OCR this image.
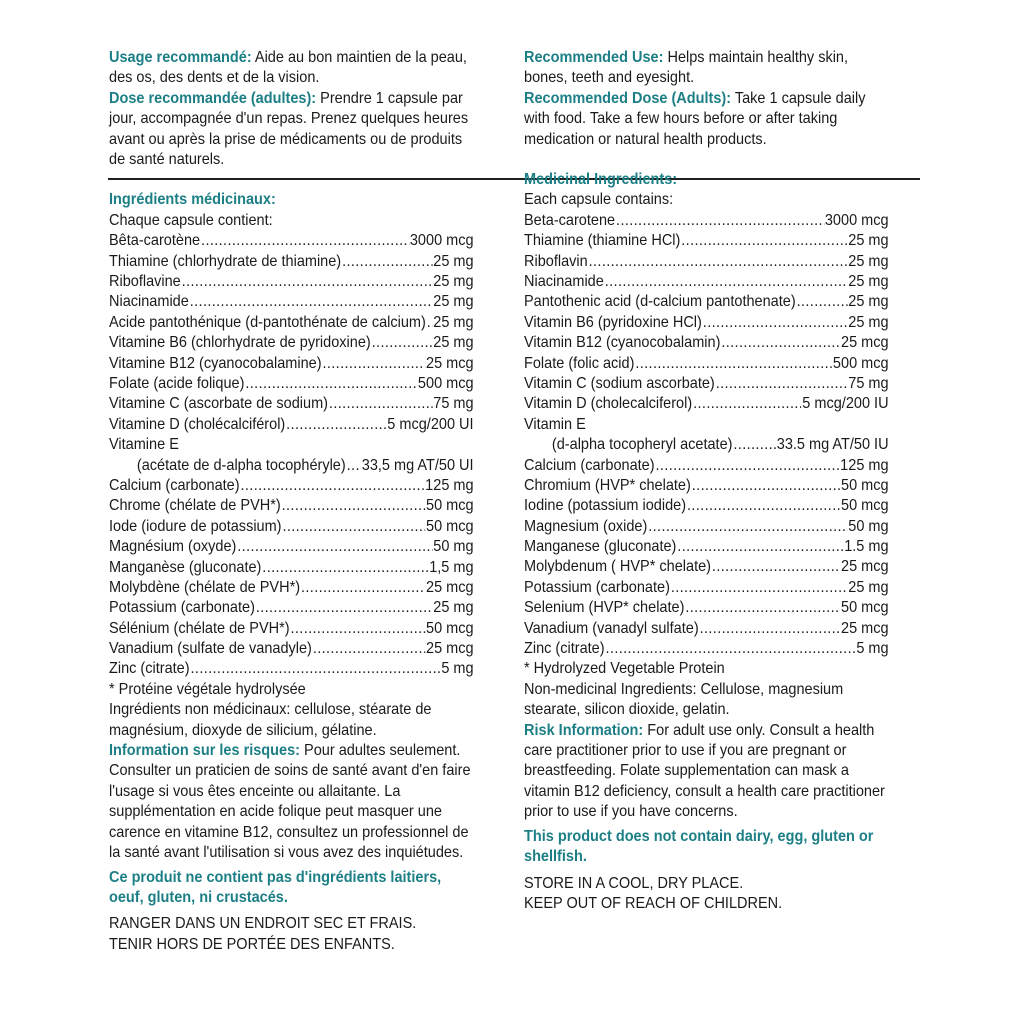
Usage recommandé: Aide au bon maintien de la peau, des os, des dents et de la vision.

Dose recommandée (adultes): Prendre 1 capsule par jour, accompagnée d'un repas. Prenez quelques heures avant ou après la prise de médicaments ou de produits de santé naturels.

Ingrédients médicinaux:
Chaque capsule contient:
Bêta-carotène .....	3000 mcg
Thiamine (chlorhydrate de thiamine) .....	25 mg
Riboflavine .....	25 mg
Niacinamide .....	25 mg
Acide pantothénique (d-pantothénate de calcium) ..... 25 mg
Vitamine B6 (chlorhydrate de pyridoxine) .....	25 mg
Vitamine B12 (cyanocobalamine) .....	25 mcg
Folate (acide folique) .....	500 mcg
Vitamine C (ascorbate de sodium) .....	75 mg
Vitamine D (cholécalciférol) .....	5 mcg/200 UI
Vitamine E
(acétate de d-alpha tocophéryle) ..... 33,5 mg AT/50 UI
Calcium (carbonate) .....	125 mg
Chrome (chélate de PVH*) .....	50 mcg
Iode (iodure de potassium) .....	50 mcg
Magnésium (oxyde) .....	50 mg
Manganèse (gluconate) .....	1,5 mg
Molybdène (chélate de PVH*) .....	25 mcg
Potassium (carbonate) .....	25 mg
Sélénium (chélate de PVH*) .....	50 mcg
Vanadium (sulfate de vanadyle) .....	25 mcg
Zinc (citrate) .....	5 mg
* Protéine végétale hydrolysée

Ingrédients non médicinaux: cellulose, stéarate de magnésium, dioxyde de silicium, gélatine.

Information sur les risques: Pour adultes seulement. Consulter un praticien de soins de santé avant d'en faire l'usage si vous êtes enceinte ou allaitante. La supplémentation en acide folique peut masquer une carence en vitamine B12, consultez un professionnel de la santé avant l'utilisation si vous avez des inquiétudes.

Ce produit ne contient pas d'ingrédients laitiers, oeuf, gluten, ni crustacés.

RANGER DANS UN ENDROIT SEC ET FRAIS.
TENIR HORS DE PORTÉE DES ENFANTS.

Recommended Use: Helps maintain healthy skin, bones, teeth and eyesight.

Recommended Dose (Adults): Take 1 capsule daily with food. Take a few hours before or after taking medication or natural health products.

Medicinal Ingredients:
Each capsule contains:
Beta-carotene .....	3000 mcg
Thiamine (thiamine HCl) .....	25 mg
Riboflavin .....	25 mg
Niacinamide .....	25 mg
Pantothenic acid (d-calcium pantothenate) .....	25 mg
Vitamin B6 (pyridoxine HCl) .....	25 mg
Vitamin B12 (cyanocobalamin) .....	25 mcg
Folate (folic acid) .....	500 mcg
Vitamin C (sodium ascorbate) .....	75 mg
Vitamin D (cholecalciferol) .....	5 mcg/200 IU
Vitamin E
(d-alpha tocopheryl acetate) .....	33.5 mg AT/50 IU
Calcium (carbonate) .....	125 mg
Chromium (HVP* chelate) .....	50 mcg
Iodine (potassium iodide) .....	50 mcg
Magnesium (oxide) .....	50 mg
Manganese (gluconate) .....	1.5 mg
Molybdenum ( HVP* chelate) .....	25 mcg
Potassium (carbonate) .....	25 mg
Selenium (HVP* chelate) .....	50 mcg
Vanadium (vanadyl sulfate) .....	25 mcg
Zinc (citrate) .....	5 mg
* Hydrolyzed Vegetable Protein

Non-medicinal Ingredients: Cellulose, magnesium stearate, silicon dioxide, gelatin.

Risk Information: For adult use only. Consult a health care practitioner prior to use if you are pregnant or breastfeeding. Folate supplementation can mask a vitamin B12 deficiency, consult a health care practitioner prior to use if you have concerns.

This product does not contain dairy, egg, gluten or shellfish.

STORE IN A COOL, DRY PLACE.
KEEP OUT OF REACH OF CHILDREN.
